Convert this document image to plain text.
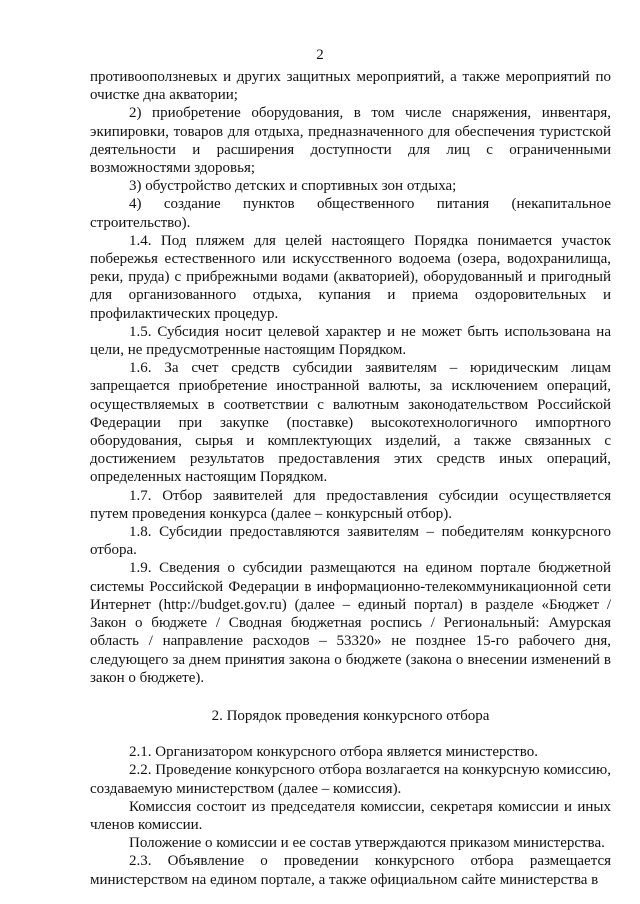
2

противооползневых и других защитных мероприятий, а также мероприятий по очистке дна акватории;

2) приобретение оборудования, в том числе снаряжения, инвентаря, экипировки, товаров для отдыха, предназначенного для обеспечения туристской деятельности и расширения доступности для лиц с ограниченными возможностями здоровья;

3) обустройство детских и спортивных зон отдыха;

4) создание пунктов общественного питания (некапитальное строительство).

1.4. Под пляжем для целей настоящего Порядка понимается участок побережья естественного или искусственного водоема (озера, водохранилища, реки, пруда) с прибрежными водами (акваторией), оборудованный и пригодный для организованного отдыха, купания и приема оздоровительных и профилактических процедур.

1.5. Субсидия носит целевой характер и не может быть использована на цели, не предусмотренные настоящим Порядком.

1.6. За счет средств субсидии заявителям – юридическим лицам запрещается приобретение иностранной валюты, за исключением операций, осуществляемых в соответствии с валютным законодательством Российской Федерации при закупке (поставке) высокотехнологичного импортного оборудования, сырья и комплектующих изделий, а также связанных с достижением результатов предоставления этих средств иных операций, определенных настоящим Порядком.

1.7. Отбор заявителей для предоставления субсидии осуществляется путем проведения конкурса (далее – конкурсный отбор).

1.8. Субсидии предоставляются заявителям – победителям конкурсного отбора.

1.9. Сведения о субсидии размещаются на едином портале бюджетной системы Российской Федерации в информационно-телекоммуникационной сети Интернет (http://budget.gov.ru) (далее – единый портал) в разделе «Бюджет / Закон о бюджете / Сводная бюджетная роспись / Региональный: Амурская область / направление расходов – 53320» не позднее 15-го рабочего дня, следующего за днем принятия закона о бюджете (закона о внесении изменений в закон о бюджете).

2. Порядок проведения конкурсного отбора

2.1. Организатором конкурсного отбора является министерство.

2.2. Проведение конкурсного отбора возлагается на конкурсную комиссию, создаваемую министерством (далее – комиссия).

Комиссия состоит из председателя комиссии, секретаря комиссии и иных членов комиссии.

Положение о комиссии и ее состав утверждаются приказом министерства.

2.3. Объявление о проведении конкурсного отбора размещается министерством на едином портале, а также официальном сайте министерства в
